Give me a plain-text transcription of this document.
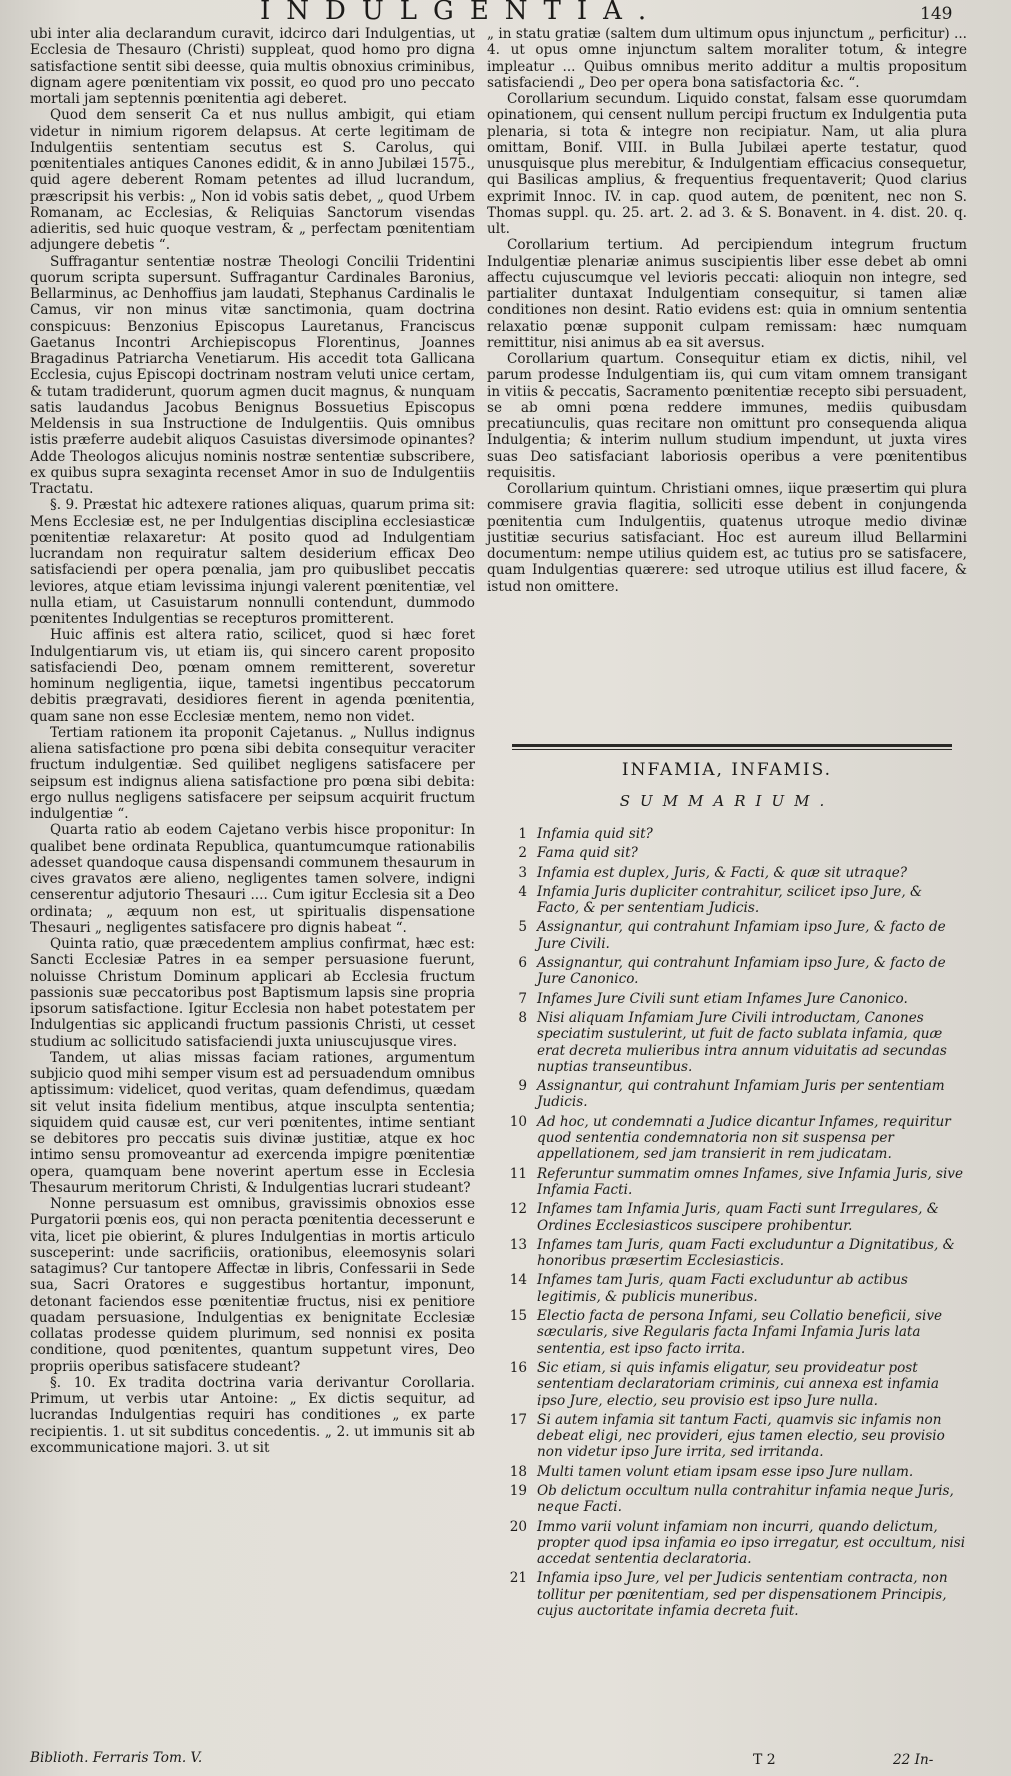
INDULGENTIA.	149

ubi inter alia declarandum curavit, idcirco dari Indulgentias, ut Ecclesia de Thesauro (Christi) suppleat, quod homo pro digna satisfactione sentit sibi deesse, quia multis obnoxius criminibus, dignam agere pœnitentiam vix possit, eo quod pro uno peccato mortali jam septennis pœnitentia agi deberet.

Quod dem senserit Ca et nus nullus ambigit, qui etiam videtur in nimium rigorem delapsus. At certe legitimam de Indulgentiis sententiam secutus est S. Carolus, qui pœnitentiales antiques Canones edidit, & in anno Jubilæi 1575., quid agere deberent Romam petentes ad illud lucrandum, præscripsit his verbis: „ Non id vobis satis debet, „ quod Urbem Romanam, ac Ecclesias, & Reliquias Sanctorum visendas adieritis, sed huic quoque vestram, & „ perfectam pœnitentiam adjungere debetis “.

Suffragantur sententiæ nostræ Theologi Concilii Tridentini quorum scripta supersunt. Suffragantur Cardinales Baronius, Bellarminus, ac Denhoffius jam laudati, Stephanus Cardinalis le Camus, vir non minus vitæ sanctimonia, quam doctrina conspicuus: Benzonius Episcopus Lauretanus, Franciscus Gaetanus Incontri Archiepiscopus Florentinus, Joannes Bragadinus Patriarcha Venetiarum. His accedit tota Gallicana Ecclesia, cujus Episcopi doctrinam nostram veluti unice certam, & tutam tradiderunt, quorum agmen ducit magnus, & nunquam satis laudandus Jacobus Benignus Bossuetius Episcopus Meldensis in sua Instructione de Indulgentiis. Quis omnibus istis præferre audebit aliquos Casuistas diversimode opinantes? Adde Theologos alicujus nominis nostræ sententiæ subscribere, ex quibus supra sexaginta recenset Amor in suo de Indulgentiis Tractatu.

§. 9. Præstat hic adtexere rationes aliquas, quarum prima sit: Mens Ecclesiæ est, ne per Indulgentias disciplina ecclesiasticæ pœnitentiæ relaxaretur: At posito quod ad Indulgentiam lucrandam non requiratur saltem desiderium efficax Deo satisfaciendi per opera pœnalia, jam pro quibuslibet peccatis leviores, atque etiam levissima injungi valerent pœnitentiæ, vel nulla etiam, ut Casuistarum nonnulli contendunt, dummodo pœnitentes Indulgentias se recepturos promitterent.

Huic affinis est altera ratio, scilicet, quod si hæc foret Indulgentiarum vis, ut etiam iis, qui sincero carent proposito satisfaciendi Deo, pœnam omnem remitterent, soveretur hominum negligentia, iique, tametsi ingentibus peccatorum debitis prægravati, desidiores fierent in agenda pœnitentia, quam sane non esse Ecclesiæ mentem, nemo non videt.

Tertiam rationem ita proponit Cajetanus. „ Nullus indignus aliena satisfactione pro pœna sibi debita consequitur veraciter fructum indulgentiæ. Sed quilibet negligens satisfacere per seipsum est indignus aliena satisfactione pro pœna sibi debita: ergo nullus negligens satisfacere per seipsum acquirit fructum indulgentiæ “.

Quarta ratio ab eodem Cajetano verbis hisce proponitur: In qualibet bene ordinata Republica, quantumcumque rationabilis adesset quandoque causa dispensandi communem thesaurum in cives gravatos ære alieno, negligentes tamen solvere, indigni censerentur adjutorio Thesauri .... Cum igitur Ecclesia sit a Deo ordinata; „ æquum non est, ut spiritualis dispensatione Thesauri „ negligentes satisfacere pro dignis habeat “.

Quinta ratio, quæ præcedentem amplius confirmat, hæc est: Sancti Ecclesiæ Patres in ea semper persuasione fuerunt, noluisse Christum Dominum applicari ab Ecclesia fructum passionis suæ peccatoribus post Baptismum lapsis sine propria ipsorum satisfactione. Igitur Ecclesia non habet potestatem per Indulgentias sic applicandi fructum passionis Christi, ut cesset studium ac sollicitudo satisfaciendi juxta uniuscujusque vires.

Tandem, ut alias missas faciam rationes, argumentum subjicio quod mihi semper visum est ad persuadendum omnibus aptissimum: videlicet, quod veritas, quam defendimus, quædam sit velut insita fidelium mentibus, atque insculpta sententia; siquidem quid causæ est, cur veri pœnitentes, intime sentiant se debitores pro peccatis suis divinæ justitiæ, atque ex hoc intimo sensu promoveantur ad exercenda impigre pœnitentiæ opera, quamquam bene noverint apertum esse in Ecclesia Thesaurum meritorum Christi, & Indulgentias lucrari studeant?

Nonne persuasum est omnibus, gravissimis obnoxios esse Purgatorii pœnis eos, qui non peracta pœnitentia decesserunt e vita, licet pie obierint, & plures Indulgentias in mortis articulo susceperint: unde sacrificiis, orationibus, eleemosynis solari satagimus? Cur tantopere Affectæ in libris, Confessarii in Sede sua, Sacri Oratores e suggestibus hortantur, imponunt, detonant faciendos esse pœnitentiæ fructus, nisi ex penitiore quadam persuasione, Indulgentias ex benignitate Ecclesiæ collatas prodesse quidem plurimum, sed nonnisi ex posita conditione, quod pœnitentes, quantum suppetunt vires, Deo propriis operibus satisfacere studeant?

§. 10. Ex tradita doctrina varia derivantur Corollaria. Primum, ut verbis utar Antoine: „ Ex dictis sequitur, ad lucrandas Indulgentias requiri has conditiones „ ex parte recipientis. 1. ut sit subditus concedentis. „ 2. ut immunis sit ab excommunicatione majori. 3. ut sit

„ in statu gratiæ (saltem dum ultimum opus injunctum „ perficitur) ... 4. ut opus omne injunctum saltem moraliter totum, & integre impleatur ... Quibus omnibus merito additur a multis propositum satisfaciendi „ Deo per opera bona satisfactoria &c. “.

Corollarium secundum. Liquido constat, falsam esse quorumdam opinationem, qui censent nullum percipi fructum ex Indulgentia puta plenaria, si tota & integre non recipiatur. Nam, ut alia plura omittam, Bonif. VIII. in Bulla Jubilæi aperte testatur, quod unusquisque plus merebitur, & Indulgentiam efficacius consequetur, qui Basilicas amplius, & frequentius frequentaverit; Quod clarius exprimit Innoc. IV. in cap. quod autem, de pœnitent, nec non S. Thomas suppl. qu. 25. art. 2. ad 3. & S. Bonavent. in 4. dist. 20. q. ult.

Corollarium tertium. Ad percipiendum integrum fructum Indulgentiæ plenariæ animus suscipientis liber esse debet ab omni affectu cujuscumque vel levioris peccati: alioquin non integre, sed partialiter duntaxat Indulgentiam consequitur, si tamen aliæ conditiones non desint. Ratio evidens est: quia in omnium sententia relaxatio pœnæ supponit culpam remissam: hæc numquam remittitur, nisi animus ab ea sit aversus.

Corollarium quartum. Consequitur etiam ex dictis, nihil, vel parum prodesse Indulgentiam iis, qui cum vitam omnem transigant in vitiis & peccatis, Sacramento pœnitentiæ recepto sibi persuadent, se ab omni pœna reddere immunes, mediis quibusdam precatiunculis, quas recitare non omittunt pro consequenda aliqua Indulgentia; & interim nullum studium impendunt, ut juxta vires suas Deo satisfaciant laboriosis operibus a vere pœnitentibus requisitis.

Corollarium quintum. Christiani omnes, iique præsertim qui plura commisere gravia flagitia, solliciti esse debent in conjungenda pœnitentia cum Indulgentiis, quatenus utroque medio divinæ justitiæ securius satisfaciant. Hoc est aureum illud Bellarmini documentum: nempe utilius quidem est, ac tutius pro se satisfacere, quam Indulgentias quærere: sed utroque utilius est illud facere, & istud non omittere.

INFAMIA, INFAMIS.
SUMMARIUM.
1 Infamia quid sit?
2 Fama quid sit?
3 Infamia est duplex, Juris, & Facti, & quæ sit utraque?
4 Infamia Juris dupliciter contrahitur, scilicet ipso Jure, & Facto, & per sententiam Judicis.
5 Assignantur, qui contrahunt Infamiam ipso Jure, & facto de Jure Civili.
6 Assignantur, qui contrahunt Infamiam ipso Jure, & facto de Jure Canonico.
7 Infames Jure Civili sunt etiam Infames Jure Canonico.
8 Nisi aliquam Infamiam Jure Civili introductam, Canones speciatim sustulerint, ut fuit de facto sublata infamia, quæ erat decreta mulieribus intra annum viduitatis ad secundas nuptias transeuntibus.
9 Assignantur, qui contrahunt Infamiam Juris per sententiam Judicis.
10 Ad hoc, ut condemnati a Judice dicantur Infames, requiritur quod sententia condemnatoria non sit suspensa per appellationem, sed jam transierit in rem judicatam.
11 Referuntur summatim omnes Infames, sive Infamia Juris, sive Infamia Facti.
12 Infames tam Infamia Juris, quam Facti sunt Irregulares, & Ordines Ecclesiasticos suscipere prohibentur.
13 Infames tam Juris, quam Facti excluduntur a Dignitatibus, & honoribus præsertim Ecclesiasticis.
14 Infames tam Juris, quam Facti excluduntur ab actibus legitimis, & publicis muneribus.
15 Electio facta de persona Infami, seu Collatio beneficii, sive sæcularis, sive Regularis facta Infami Infamia Juris lata sententia, est ipso facto irrita.
16 Sic etiam, si quis infamis eligatur, seu provideatur post sententiam declaratoriam criminis, cui annexa est infamia ipso Jure, electio, seu provisio est ipso Jure nulla.
17 Si autem infamia sit tantum Facti, quamvis sic infamis non debeat eligi, nec provideri, ejus tamen electio, seu provisio non videtur ipso Jure irrita, sed irritanda.
18 Multi tamen volunt etiam ipsam esse ipso Jure nullam.
19 Ob delictum occultum nulla contrahitur infamia neque Juris, neque Facti.
20 Immo varii volunt infamiam non incurri, quando delictum, propter quod ipsa infamia eo ipso irregatur, est occultum, nisi accedat sententia declaratoria.
21 Infamia ipso Jure, vel per Judicis sententiam contracta, non tollitur per pœnitentiam, sed per dispensationem Principis, cujus auctoritate infamia decreta fuit.
Biblioth. Ferraris Tom. V.	T 2	22 In-
